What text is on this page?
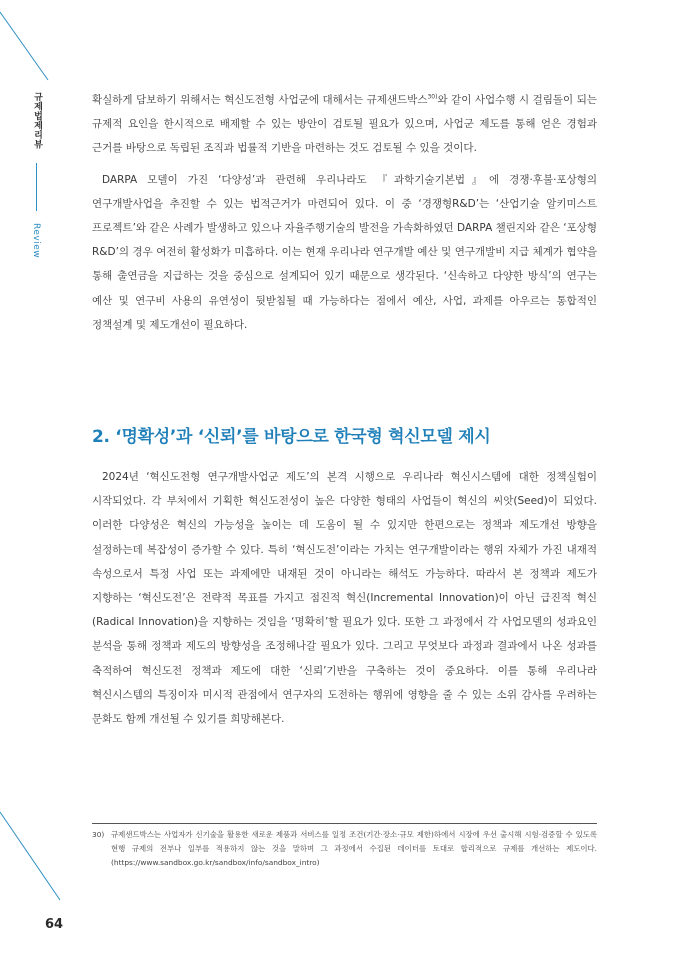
규제법제리뷰
Review

확실하게 담보하기 위해서는 혁신도전형 사업군에 대해서는 규제샌드박스$^{30)}$와 같이 사업수행 시 걸림돌이 되는 규제적 요인을 한시적으로 배제할 수 있는 방안이 검토될 필요가 있으며, 사업군 제도를 통해 얻은 경험과 근거를 바탕으로 독립된 조직과 법률적 기반을 마련하는 것도 검토될 수 있을 것이다.

DARPA 모델이 가진 ‘다양성’과 관련해 우리나라도 『과학기술기본법』에 경쟁·후불·포상형의 연구개발사업을 추진할 수 있는 법적근거가 마련되어 있다. 이 중 ‘경쟁형R&D’는 ‘산업기술 알키미스트 프로젝트’와 같은 사례가 발생하고 있으나 자율주행기술의 발전을 가속화하였던 DARPA 챌린지와 같은 ‘포상형 R&D’의 경우 여전히 활성화가 미흡하다. 이는 현재 우리나라 연구개발 예산 및 연구개발비 지급 체계가 협약을 통해 출연금을 지급하는 것을 중심으로 설계되어 있기 때문으로 생각된다. ‘신속하고 다양한 방식’의 연구는 예산 및 연구비 사용의 유연성이 뒷받침될 때 가능하다는 점에서 예산, 사업, 과제를 아우르는 통합적인 정책설계 및 제도개선이 필요하다.

2. ‘명확성’과 ‘신뢰’를 바탕으로 한국형 혁신모델 제시

2024년 ‘혁신도전형 연구개발사업군 제도’의 본격 시행으로 우리나라 혁신시스템에 대한 정책실험이 시작되었다. 각 부처에서 기획한 혁신도전성이 높은 다양한 형태의 사업들이 혁신의 씨앗(Seed)이 되었다. 이러한 다양성은 혁신의 가능성을 높이는 데 도움이 될 수 있지만 한편으로는 정책과 제도개선 방향을 설정하는데 복잡성이 증가할 수 있다. 특히 ‘혁신도전’이라는 가치는 연구개발이라는 행위 자체가 가진 내재적 속성으로서 특정 사업 또는 과제에만 내재된 것이 아니라는 해석도 가능하다. 따라서 본 정책과 제도가 지향하는 ‘혁신도전’은 전략적 목표를 가지고 점진적 혁신(Incremental Innovation)이 아닌 급진적 혁신(Radical Innovation)을 지향하는 것임을 ‘명확히’할 필요가 있다. 또한 그 과정에서 각 사업모델의 성과요인 분석을 통해 정책과 제도의 방향성을 조정해나갈 필요가 있다. 그리고 무엇보다 과정과 결과에서 나온 성과를 축적하여 혁신도전 정책과 제도에 대한 ‘신뢰’기반을 구축하는 것이 중요하다. 이를 통해 우리나라 혁신시스템의 특징이자 미시적 관점에서 연구자의 도전하는 행위에 영향을 줄 수 있는 소위 감사를 우려하는 문화도 함께 개선될 수 있기를 희망해본다.

30) 규제샌드박스는 사업자가 신기술을 활용한 새로운 제품과 서비스를 일정 조건(기간·장소·규모 제한)하에서 시장에 우선 출시해 시험·검증할 수 있도록 현행 규제의 전부나 일부를 적용하지 않는 것을 말하며 그 과정에서 수집된 데이터를 토대로 합리적으로 규제를 개선하는 제도이다. (https://www.sandbox.go.kr/sandbox/info/sandbox_intro)
64
